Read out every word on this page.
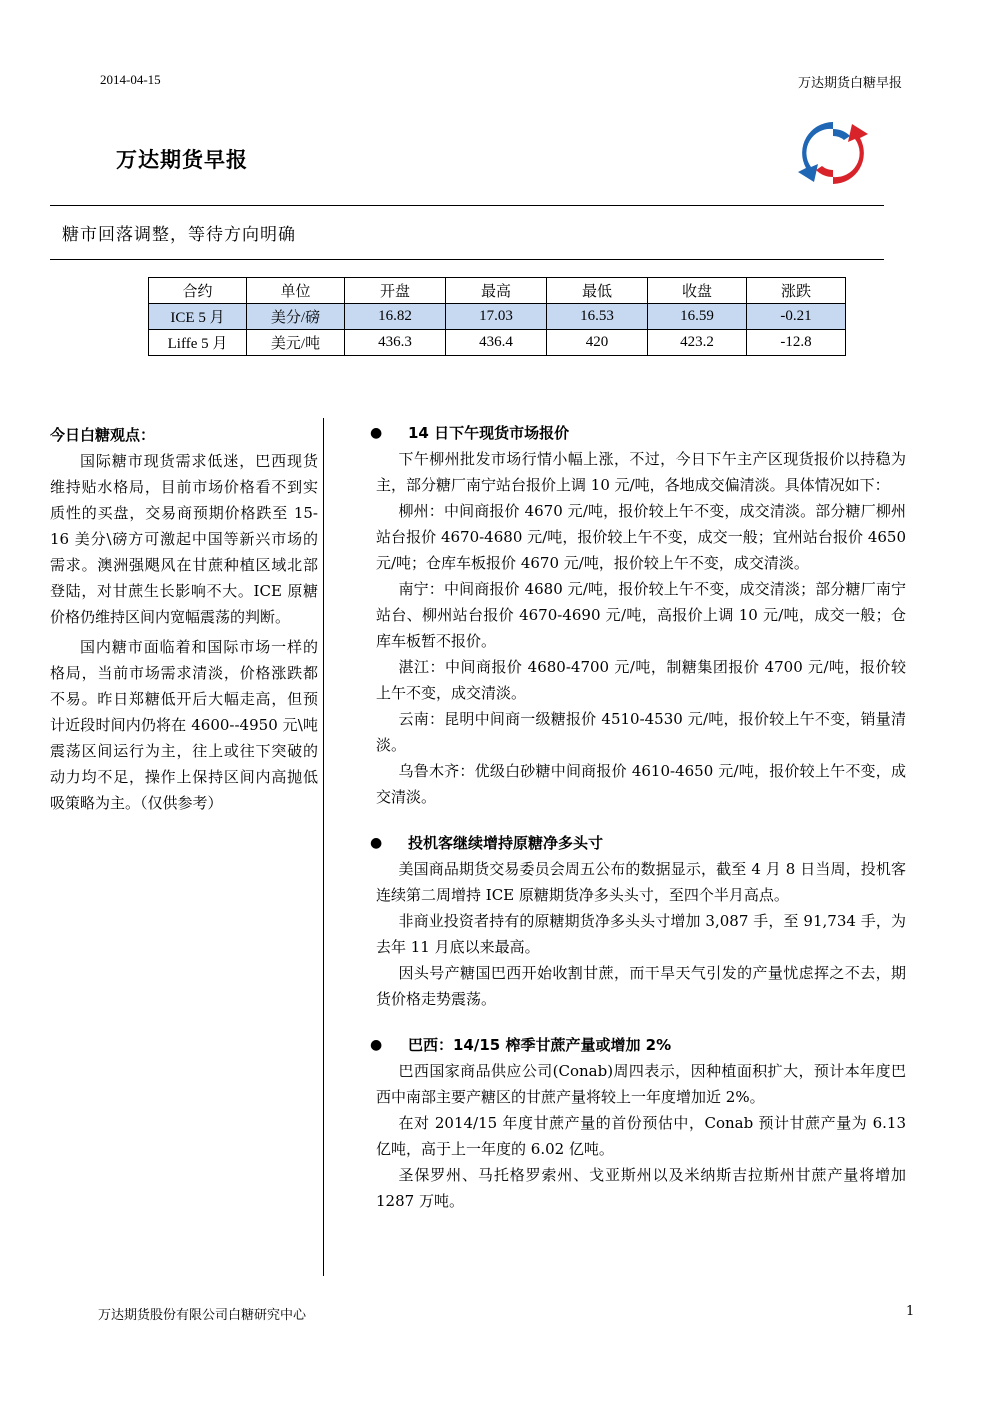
2014-04-15	万达期货白糖早报
万达期货早报
糖市回落调整，等待方向明确
合约	单位	开盘	最高	最低	收盘	涨跌
ICE 5 月	美分/磅	16.82	17.03	16.53	16.59	-0.21
Liffe 5 月	美元/吨	436.3	436.4	420	423.2	-12.8
今日白糖观点：

国际糖市现货需求低迷，巴西现货维持贴水格局，目前市场价格看不到实质性的买盘，交易商预期价格跌至 15-16 美分\磅方可激起中国等新兴市场的需求。澳洲强飓风在甘蔗种植区域北部登陆，对甘蔗生长影响不大。ICE 原糖价格仍维持区间内宽幅震荡的判断。

国内糖市面临着和国际市场一样的格局，当前市场需求清淡，价格涨跌都不易。昨日郑糖低开后大幅走高，但预计近段时间内仍将在 4600--4950 元\吨震荡区间运行为主，往上或往下突破的动力均不足，操作上保持区间内高抛低吸策略为主。（仅供参考）

● 14 日下午现货市场报价

下午柳州批发市场行情小幅上涨，不过，今日下午主产区现货报价以持稳为主，部分糖厂南宁站台报价上调 10 元/吨，各地成交偏清淡。具体情况如下：

柳州：中间商报价 4670 元/吨，报价较上午不变，成交清淡。部分糖厂柳州站台报价 4670-4680 元/吨，报价较上午不变，成交一般；宜州站台报价 4650 元/吨；仓库车板报价 4670 元/吨，报价较上午不变，成交清淡。

南宁：中间商报价 4680 元/吨，报价较上午不变，成交清淡；部分糖厂南宁站台、柳州站台报价 4670-4690 元/吨，高报价上调 10 元/吨，成交一般；仓库车板暂不报价。

湛江：中间商报价 4680-4700 元/吨，制糖集团报价 4700 元/吨，报价较上午不变，成交清淡。

云南：昆明中间商一级糖报价 4510-4530 元/吨，报价较上午不变，销量清淡。

乌鲁木齐：优级白砂糖中间商报价 4610-4650 元/吨，报价较上午不变，成交清淡。

● 投机客继续增持原糖净多头寸

美国商品期货交易委员会周五公布的数据显示，截至 4 月 8 日当周，投机客连续第二周增持 ICE 原糖期货净多头头寸，至四个半月高点。

非商业投资者持有的原糖期货净多头头寸增加 3,087 手，至 91,734 手，为去年 11 月底以来最高。

因头号产糖国巴西开始收割甘蔗，而干旱天气引发的产量忧虑挥之不去，期货价格走势震荡。

● 巴西：14/15 榨季甘蔗产量或增加 2%

巴西国家商品供应公司(Conab)周四表示，因种植面积扩大，预计本年度巴西中南部主要产糖区的甘蔗产量将较上一年度增加近 2%。

在对 2014/15 年度甘蔗产量的首份预估中，Conab 预计甘蔗产量为 6.13 亿吨，高于上一年度的 6.02 亿吨。

圣保罗州、马托格罗索州、戈亚斯州以及米纳斯吉拉斯州甘蔗产量将增加 1287 万吨。

万达期货股份有限公司白糖研究中心	1
